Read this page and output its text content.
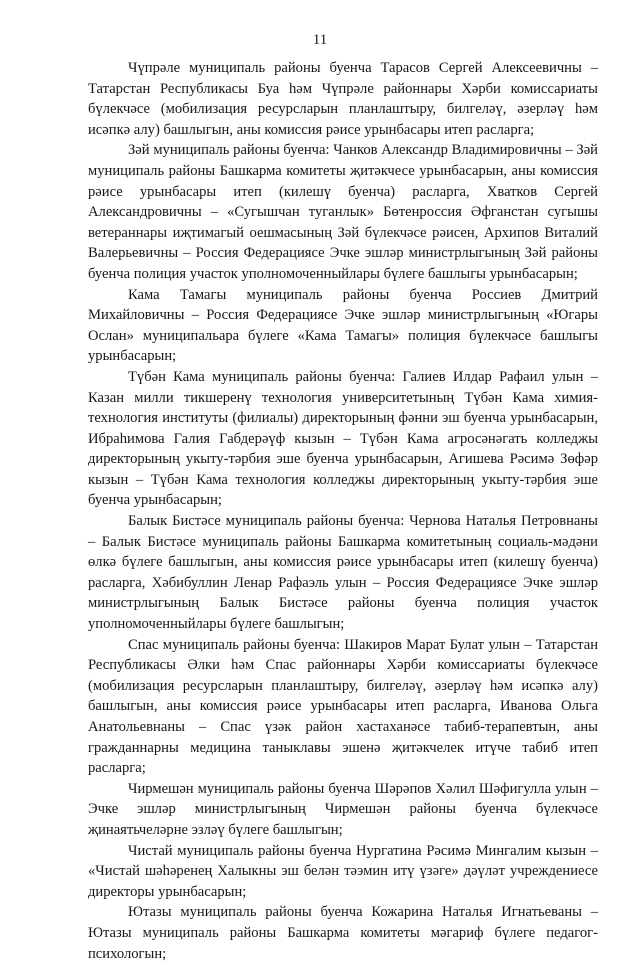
11

Чүпрәле муниципаль районы буенча Тарасов Сергей Алексеевичны – Татарстан Республикасы Буа һәм Чүпрәле районнары Хәрби комиссариаты бүлекчәсе (мобилизация ресурсларын планлаштыру, билгеләү, әзерләү һәм исәпкә алу) башлыгын, аны комиссия рәисе урынбасары итеп расларга;

Зәй муниципаль районы буенча: Чанков Александр Владимировичны – Зәй муниципаль районы Башкарма комитеты җитәкчесе урынбасарын, аны комиссия рәисе урынбасары итеп (килешү буенча) расларга, Хватков Сергей Александровичны – «Сугышчан туганлык» Бөтенроссия Әфганстан сугышы ветераннары иҗтимагый оешмасының Зәй бүлекчәсе рәисен, Архипов Виталий Валерьевичны – Россия Федерациясе Эчке эшләр министрлыгының Зәй районы буенча полиция участок уполномоченныйлары бүлеге башлыгы урынбасарын;

Кама Тамагы муниципаль районы буенча Россиев Дмитрий Михайловичны – Россия Федерациясе Эчке эшләр министрлыгының «Югары Ослан» муниципальара бүлеге «Кама Тамагы» полиция бүлекчәсе башлыгы урынбасарын;

Түбән Кама муниципаль районы буенча: Галиев Илдар Рафаил улын – Казан милли тикшеренү технология университетының Түбән Кама химия-технология институты (филиалы) директорының фәнни эш буенча урынбасарын, Ибраһимова Галия Габдерәүф кызын – Түбән Кама агросәнәгать колледжы директорының укыту-тәрбия эше буенча урынбасарын, Агишева Рәсимә Зөфәр кызын – Түбән Кама технология колледжы директорының укыту-тәрбия эше буенча урынбасарын;

Балык Бистәсе муниципаль районы буенча: Чернова Наталья Петровнаны – Балык Бистәсе муниципаль районы Башкарма комитетының социаль-мәдәни өлкә бүлеге башлыгын, аны комиссия рәисе урынбасары итеп (килешү буенча) расларга, Хәбибуллин Ленар Рафаэль улын – Россия Федерациясе Эчке эшләр министрлыгының Балык Бистәсе районы буенча полиция участок уполномоченныйлары бүлеге башлыгын;

Спас муниципаль районы буенча: Шакиров Марат Булат улын – Татарстан Республикасы Әлки һәм Спас районнары Хәрби комиссариаты бүлекчәсе (мобилизация ресурсларын планлаштыру, билгеләү, әзерләү һәм исәпкә алу) башлыгын, аны комиссия рәисе урынбасары итеп расларга, Иванова Ольга Анатольевнаны – Спас үзәк район хастаханәсе табиб-терапевтын, аны гражданнарны медицина таныклавы эшенә җитәкчелек итүче табиб итеп расларга;

Чирмешән муниципаль районы буенча Шәрәпов Хәлил Шәфигулла улын – Эчке эшләр министрлыгының Чирмешән районы буенча бүлекчәсе җинаятьчеләрне эзләү бүлеге башлыгын;

Чистай муниципаль районы буенча Нургатина Рәсимә Мингалим кызын – «Чистай шәһәренең Халыкны эш белән тәэмин итү үзәге» дәүләт учреждениесе директоры урынбасарын;

Ютазы муниципаль районы буенча Кожарина Наталья Игнатьеваны – Ютазы муниципаль районы Башкарма комитеты мәгариф бүлеге педагог-психологын;
